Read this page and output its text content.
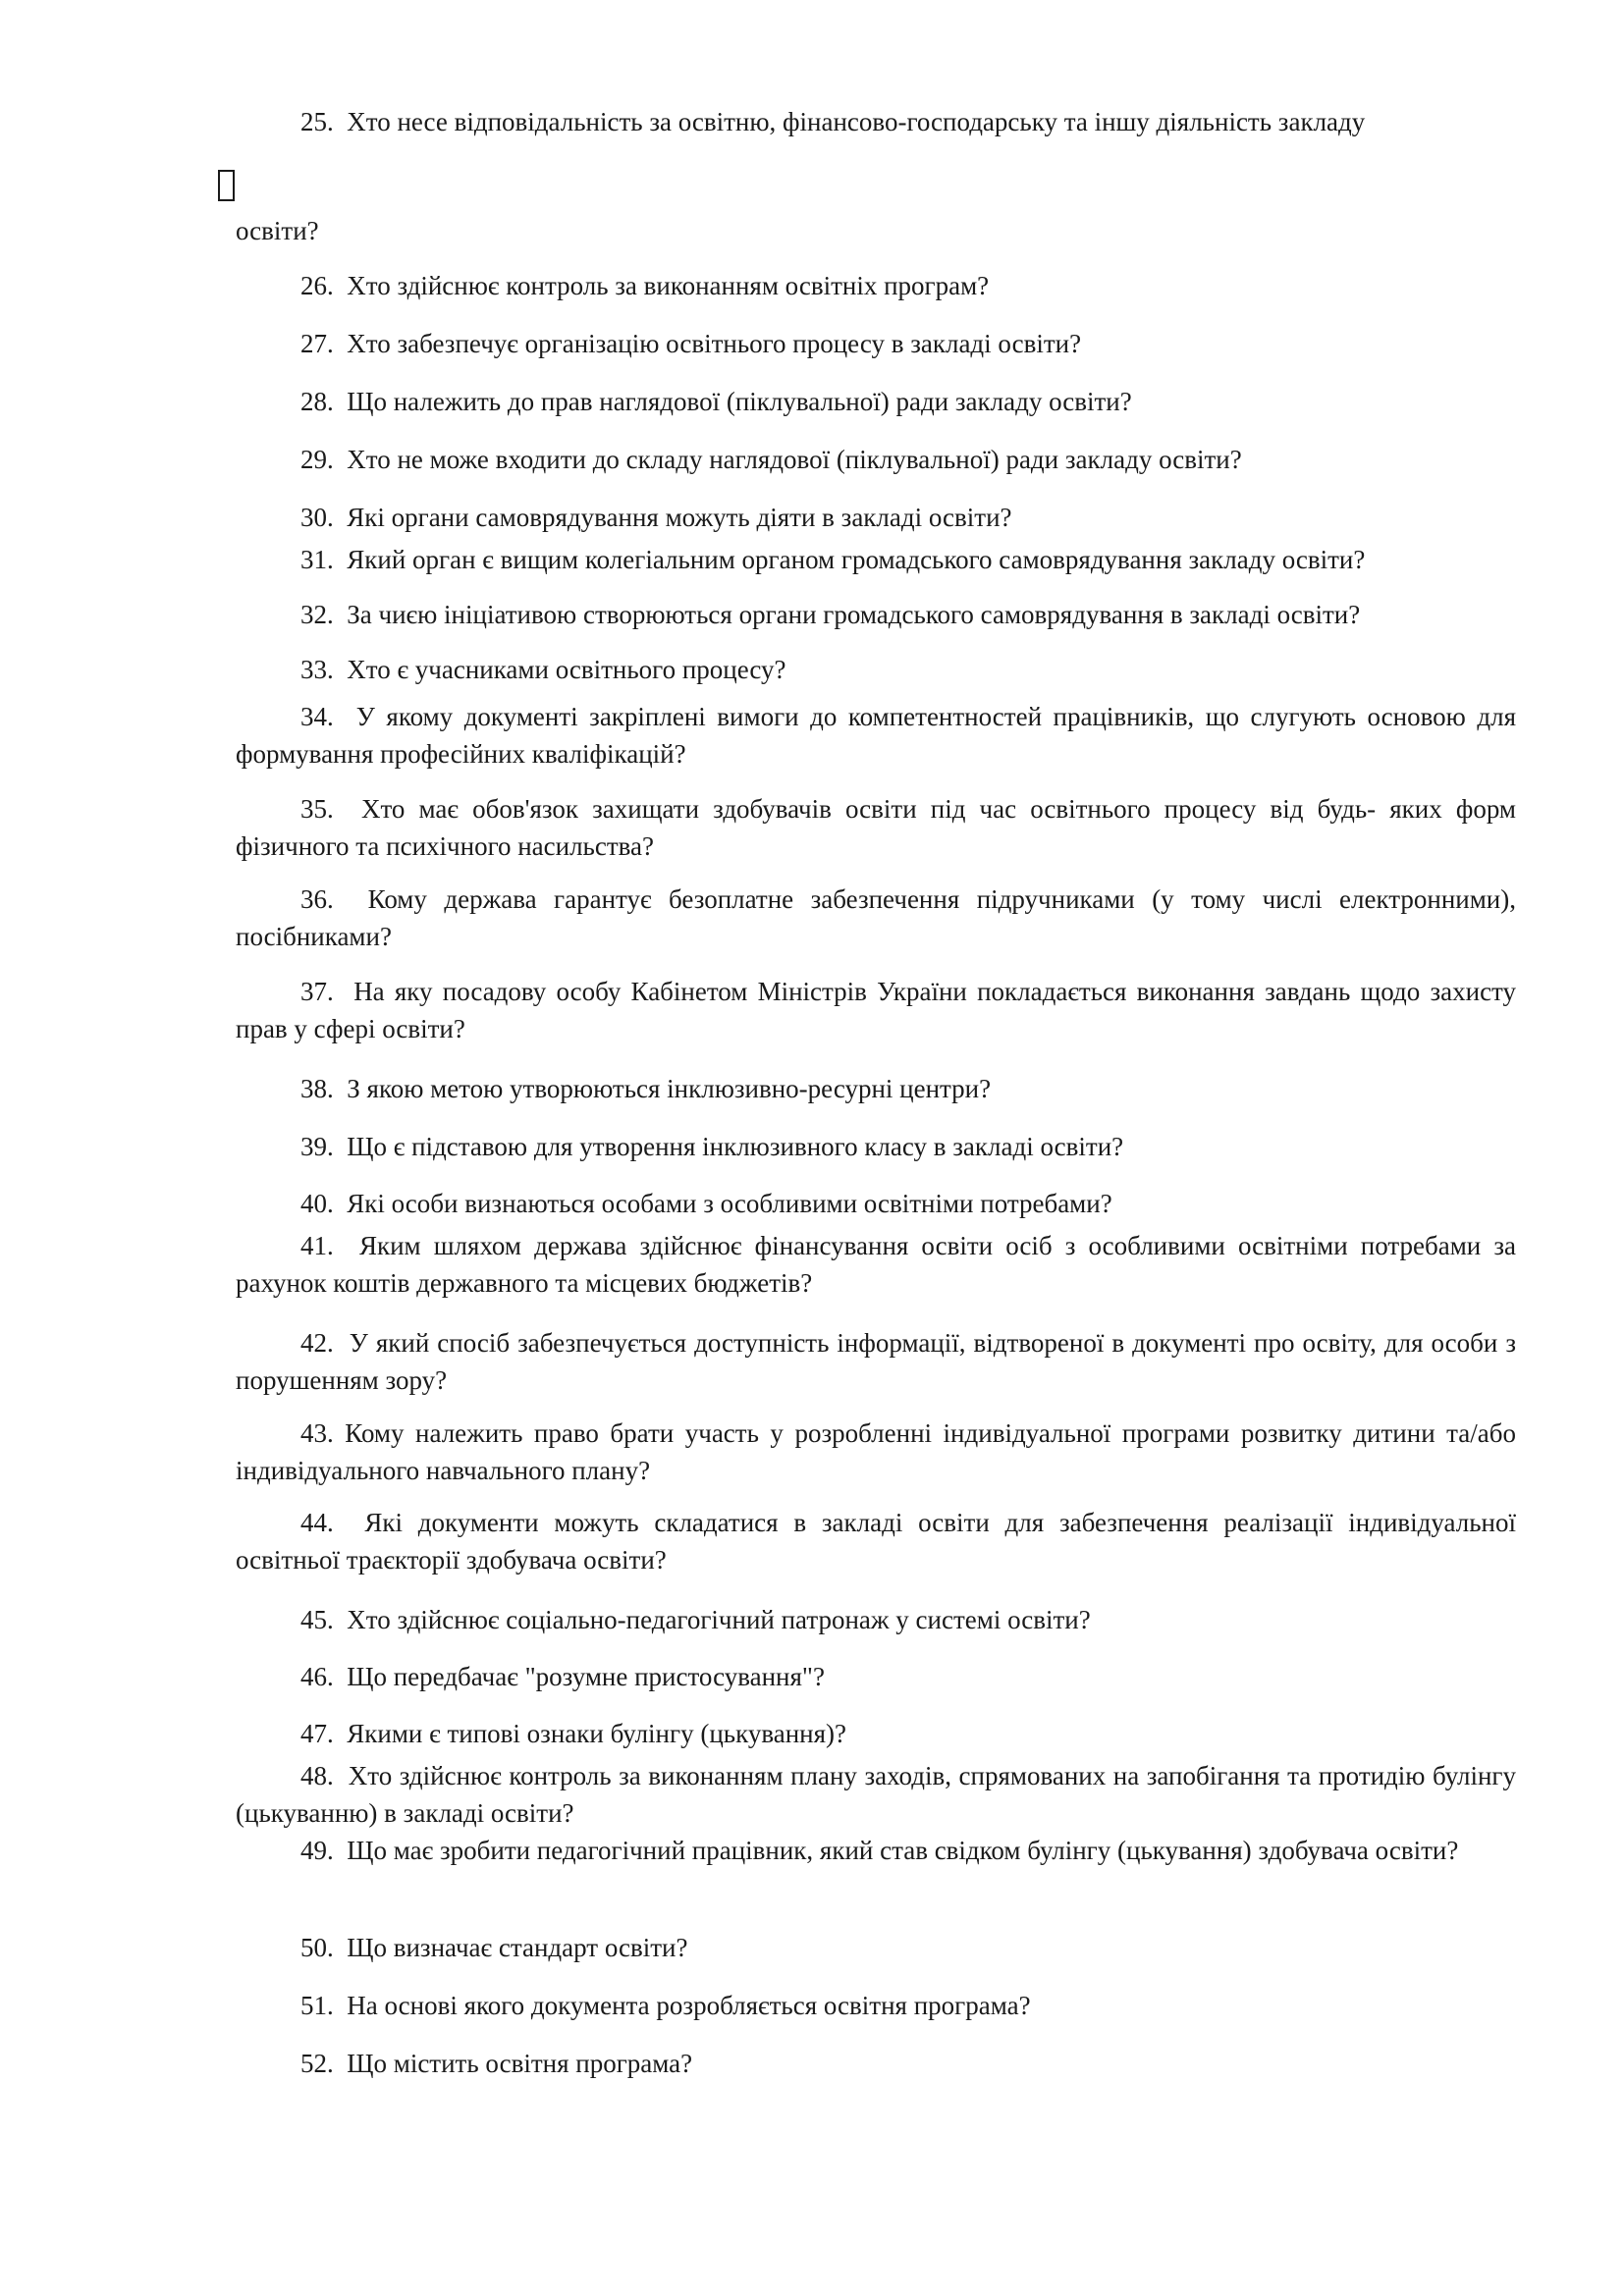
25. Хто несе відповідальність за освітню, фінансово-господарську та іншу діяльність закладу

освіти?

26. Хто здійснює контроль за виконанням освітніх програм?

27. Хто забезпечує організацію освітнього процесу в закладі освіти?

28. Що належить до прав наглядової (піклувальної) ради закладу освіти?

29. Хто не може входити до складу наглядової (піклувальної) ради закладу освіти?

30. Які органи самоврядування можуть діяти в закладі освіти?

31. Який орган є вищим колегіальним органом громадського самоврядування закладу освіти?

32. За чиєю ініціативою створюються органи громадського самоврядування в закладі освіти?

33. Хто є учасниками освітнього процесу?

34.  У якому документі закріплені вимоги до компетентностей працівників, що слугують основою для формування професійних кваліфікацій?

35. Хто має обов'язок захищати здобувачів освіти під час освітнього процесу від будь- яких форм фізичного та психічного насильства?

36.  Кому держава гарантує безоплатне забезпечення підручниками (у тому числі електронними), посібниками?

37.  На яку посадову особу Кабінетом Міністрів України покладається виконання завдань щодо захисту прав у сфері освіти?

38. З якою метою утворюються інклюзивно-ресурні центри?

39. Що є підставою для утворення інклюзивного класу в закладі освіти?

40. Які особи визнаються особами з особливими освітніми потребами?

41. Яким шляхом держава здійснює фінансування освіти осіб з особливими освітніми потребами за рахунок коштів державного та місцевих бюджетів?

42. У який спосіб забезпечується доступність інформації, відтвореної в документі про освіту, для особи з порушенням зору?

43. Кому належить право брати участь у розробленні індивідуальної програми розвитку дитини та/або індивідуального навчального плану?

44.  Які документи можуть складатися в закладі освіти для забезпечення реалізації індивідуальної освітньої траєкторії здобувача освіти?

45. Хто здійснює соціально-педагогічний патронаж у системі освіти?

46. Що передбачає "розумне пристосування"?

47. Якими є типові ознаки булінгу (цькування)?

48. Хто здійснює контроль за виконанням плану заходів, спрямованих на запобігання та протидію булінгу (цькуванню) в закладі освіти?

49. Що має зробити педагогічний працівник, який став свідком булінгу (цькування) здобувача освіти?

50. Що визначає стандарт освіти?

51. На основі якого документа розробляється освітня програма?

52. Що містить освітня програма?
